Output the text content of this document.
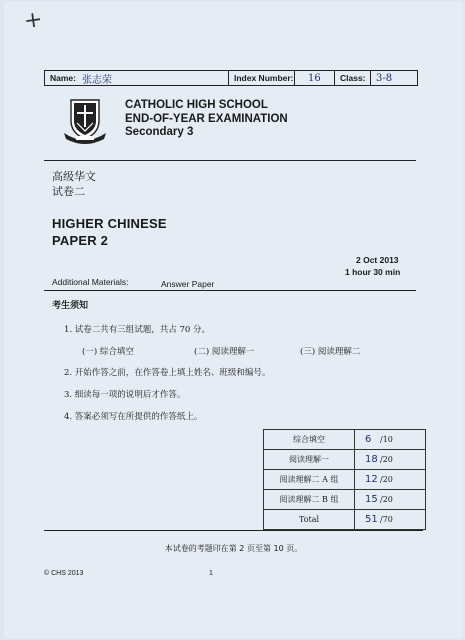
+
Name: 张志荣	Index Number: 16 Class: 3-8
CATHOLIC HIGH SCHOOL
END-OF-YEAR EXAMINATION
Secondary 3
高级华文
试卷二
HIGHER CHINESE
PAPER 2
2 Oct 2013
1 hour 30 min
Additional Materials:	Answer Paper
考生须知
1. 试卷二共有三组试题，共占 70 分。
(一) 综合填空	(二) 阅读理解一	(三) 阅读理解二
2. 开始作答之前，在作答卷上填上姓名、班级和编号。
3. 细读每一项的说明后才作答。
4. 答案必须写在所提供的作答纸上。
综合填空	6 /10
阅读理解一	18 /20
阅读理解二 A 组	12 /20
阅读理解二 B 组	15 /20
Total	51 /70
本试卷的考题印在第 2 页至第 10 页。
© CHS 2013	1
